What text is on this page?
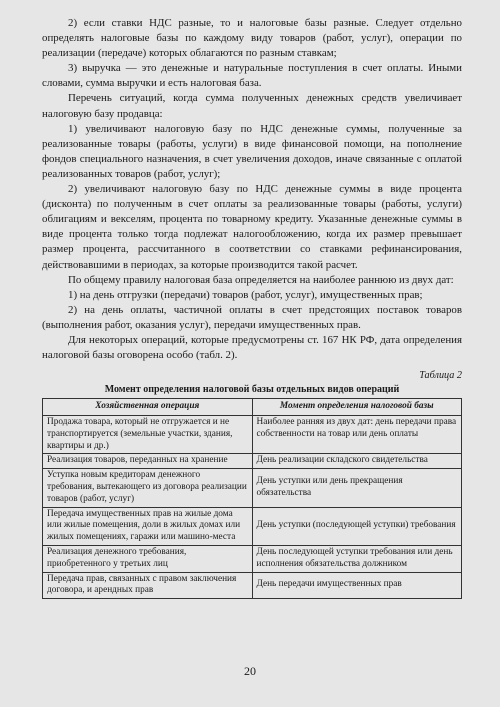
2) если ставки НДС разные, то и налоговые базы разные. Следует отдельно определять налоговые базы по каждому виду товаров (работ, услуг), операции по реализации (передаче) которых облагаются по разным ставкам;

3) выручка — это денежные и натуральные поступления в счет оплаты. Иными словами, сумма выручки и есть налоговая база.

Перечень ситуаций, когда сумма полученных денежных средств увеличивает налоговую базу продавца:

1) увеличивают налоговую базу по НДС денежные суммы, полученные за реализованные товары (работы, услуги) в виде финансовой помощи, на пополнение фондов специального назначения, в счет увеличения доходов, иначе связанные с оплатой реализованных товаров (работ, услуг);

2) увеличивают налоговую базу по НДС денежные суммы в виде процента (дисконта) по полученным в счет оплаты за реализованные товары (работы, услуги) облигациям и векселям, процента по товарному кредиту. Указанные денежные суммы в виде процента только тогда подлежат налогообложению, когда их размер превышает размер процента, рассчитанного в соответствии со ставками рефинансирования, действовавшими в периодах, за которые производится такой расчет.

По общему правилу налоговая база определяется на наиболее раннюю из двух дат:

1) на день отгрузки (передачи) товаров (работ, услуг), имущественных прав;

2) на день оплаты, частичной оплаты в счет предстоящих поставок товаров (выполнения работ, оказания услуг), передачи имущественных прав.

Для некоторых операций, которые предусмотрены ст. 167 НК РФ, дата определения налоговой базы оговорена особо (табл. 2).

Таблица 2
Момент определения налоговой базы отдельных видов операций
Хозяйственная операция	Момент определения налоговой базы
Продажа товара, который не отгружается и не транспортируется (земельные участки, здания, квартиры и др.)	Наиболее ранняя из двух дат: день передачи права собственности на товар или день оплаты
Реализация товаров, переданных на хранение	День реализации складского свидетельства
Уступка новым кредиторам денежного требования, вытекающего из договора реализации товаров (работ, услуг)	День уступки или день прекращения обязательства
Передача имущественных прав на жилые дома или жилые помещения, доли в жилых домах или жилых помещениях, гаражи или машино-места	День уступки (последующей уступки) требования
Реализация денежного требования, приобретенного у третьих лиц	День последующей уступки требования или день исполнения обязательства должником
Передача прав, связанных с правом заключения договора, и арендных прав	День передачи имущественных прав
20
